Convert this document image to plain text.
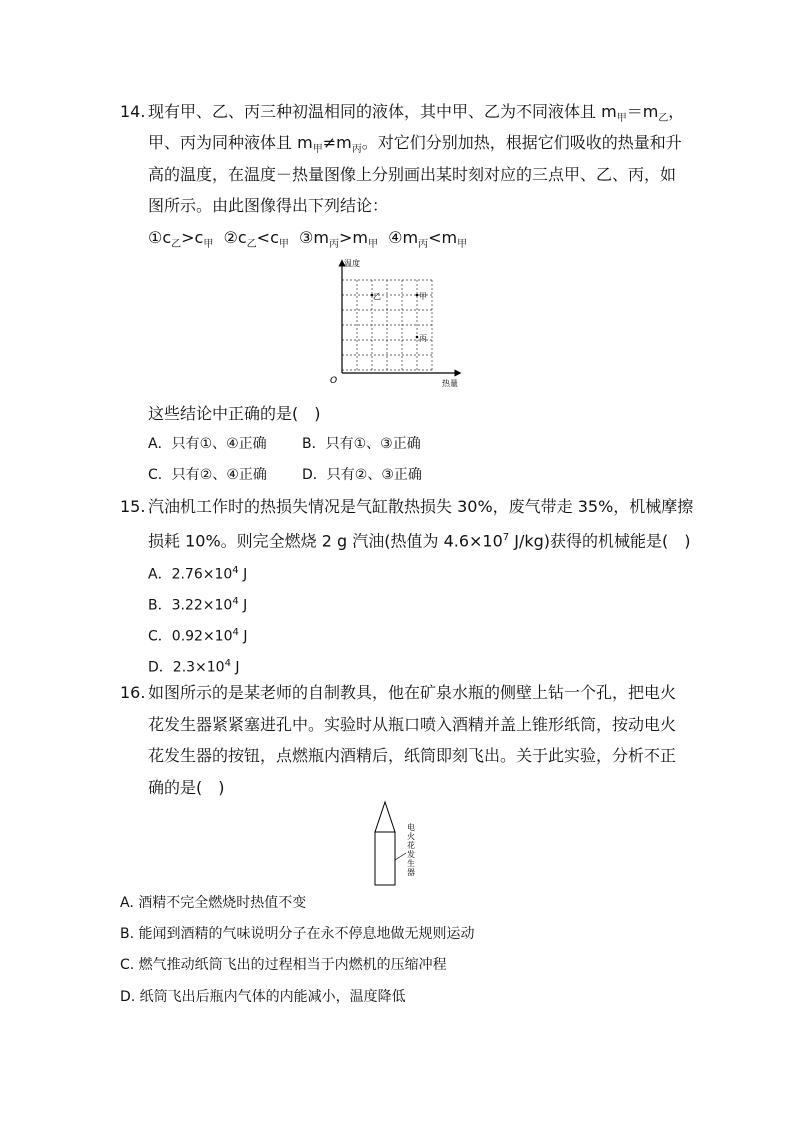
14. 现有甲、乙、丙三种初温相同的液体，其中甲、乙为不同液体且 $m_甲=m_乙$，
甲、丙为同种液体且 $m_甲\ne m_丙$。对它们分别加热，根据它们吸收的热量和升
高的温度，在温度－热量图像上分别画出某时刻对应的三点甲、乙、丙，如
图所示。由此图像得出下列结论：
$①c_乙>c_甲$ $②c_乙<c_甲$ $③m_丙>m_甲$ $④m_丙<m_甲$
温度
热量
O
乙	甲
丙
这些结论中正确的是(　)
A．只有①、④正确	B．只有①、③正确
C．只有②、④正确	D．只有②、③正确
15. 汽油机工作时的热损失情况是气缸散热损失 30%，废气带走 35%，机械摩擦
损耗 10%。则完全燃烧 2 g 汽油(热值为 $4.6\times 10^7$ J/kg)获得的机械能是(　)
A．$2.76\times 10^4$ J
B．$3.22\times 10^4$ J
C．$0.92\times 10^4$ J
D．$2.3\times 10^4$ J
16. 如图所示的是某老师的自制教具，他在矿泉水瓶的侧壁上钻一个孔，把电火
花发生器紧紧塞进孔中。实验时从瓶口喷入酒精并盖上锥形纸筒，按动电火
花发生器的按钮，点燃瓶内酒精后，纸筒即刻飞出。关于此实验，分析不正
确的是(　)
电
火
花
发
生
器
A. 酒精不完全燃烧时热值不变
B. 能闻到酒精的气味说明分子在永不停息地做无规则运动
C. 燃气推动纸筒飞出的过程相当于内燃机的压缩冲程
D. 纸筒飞出后瓶内气体的内能减小，温度降低
